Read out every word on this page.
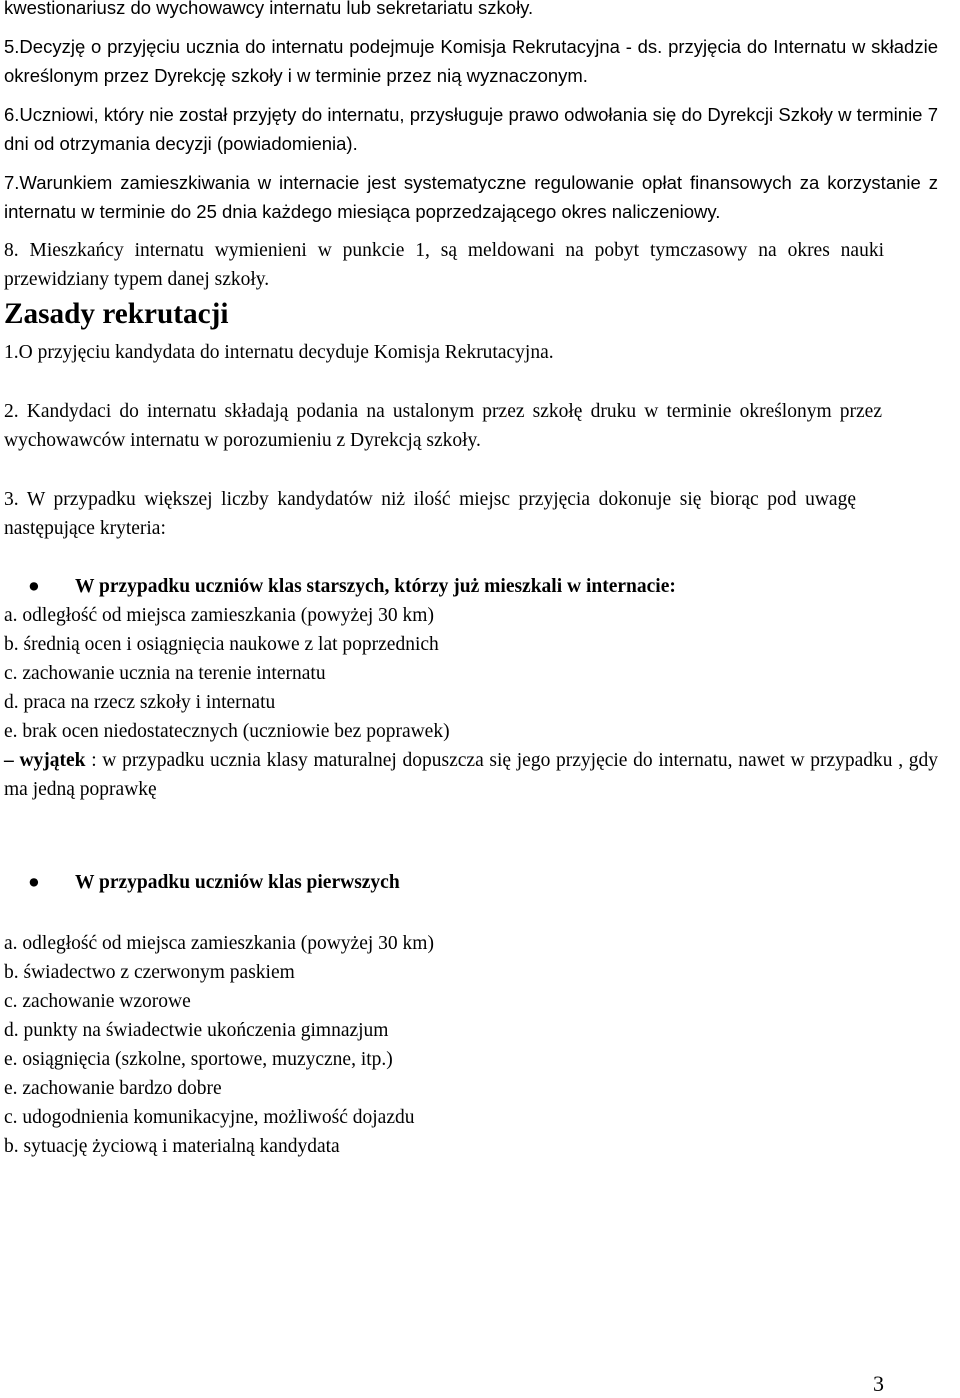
kwestionariusz do wychowawcy internatu lub sekretariatu szkoły.

5.Decyzję o przyjęciu ucznia do internatu podejmuje Komisja Rekrutacyjna - ds. przyjęcia do Internatu w składzie określonym przez Dyrekcję szkoły i w terminie przez nią wyznaczonym.

6.Uczniowi, który nie został przyjęty do internatu, przysługuje prawo odwołania się do Dyrekcji Szkoły w terminie 7 dni od otrzymania decyzji (powiadomienia).

7.Warunkiem zamieszkiwania w internacie jest systematyczne regulowanie opłat finansowych za korzystanie z internatu w terminie do 25 dnia każdego miesiąca poprzedzającego okres naliczeniowy.

8. Mieszkańcy internatu wymienieni w punkcie 1, są meldowani na pobyt tymczasowy na okres nauki przewidziany typem danej szkoły.

Zasady rekrutacji

1.O przyjęciu kandydata do internatu decyduje Komisja Rekrutacyjna.

2. Kandydaci do internatu składają podania na ustalonym przez szkołę druku w terminie określonym przez wychowawców internatu w porozumieniu z Dyrekcją szkoły.

3. W przypadku większej liczby kandydatów niż ilość miejsc przyjęcia dokonuje się biorąc pod uwagę następujące kryteria:

● W przypadku uczniów klas starszych, którzy już mieszkali w internacie:

a. odległość od miejsca zamieszkania (powyżej 30 km)

b. średnią ocen i osiągnięcia naukowe z lat poprzednich

c. zachowanie ucznia na terenie internatu

d. praca na rzecz szkoły i internatu

e. brak ocen niedostatecznych (uczniowie bez poprawek)

– wyjątek : w przypadku ucznia klasy maturalnej dopuszcza się jego przyjęcie do internatu, nawet w przypadku , gdy ma jedną poprawkę

● W przypadku uczniów klas pierwszych

a. odległość od miejsca zamieszkania (powyżej 30 km)

b. świadectwo z czerwonym paskiem

c. zachowanie wzorowe

d. punkty na świadectwie ukończenia gimnazjum

e. osiągnięcia (szkolne, sportowe, muzyczne, itp.)

e. zachowanie bardzo dobre

c. udogodnienia komunikacyjne, możliwość dojazdu

b. sytuację życiową i materialną kandydata

3
